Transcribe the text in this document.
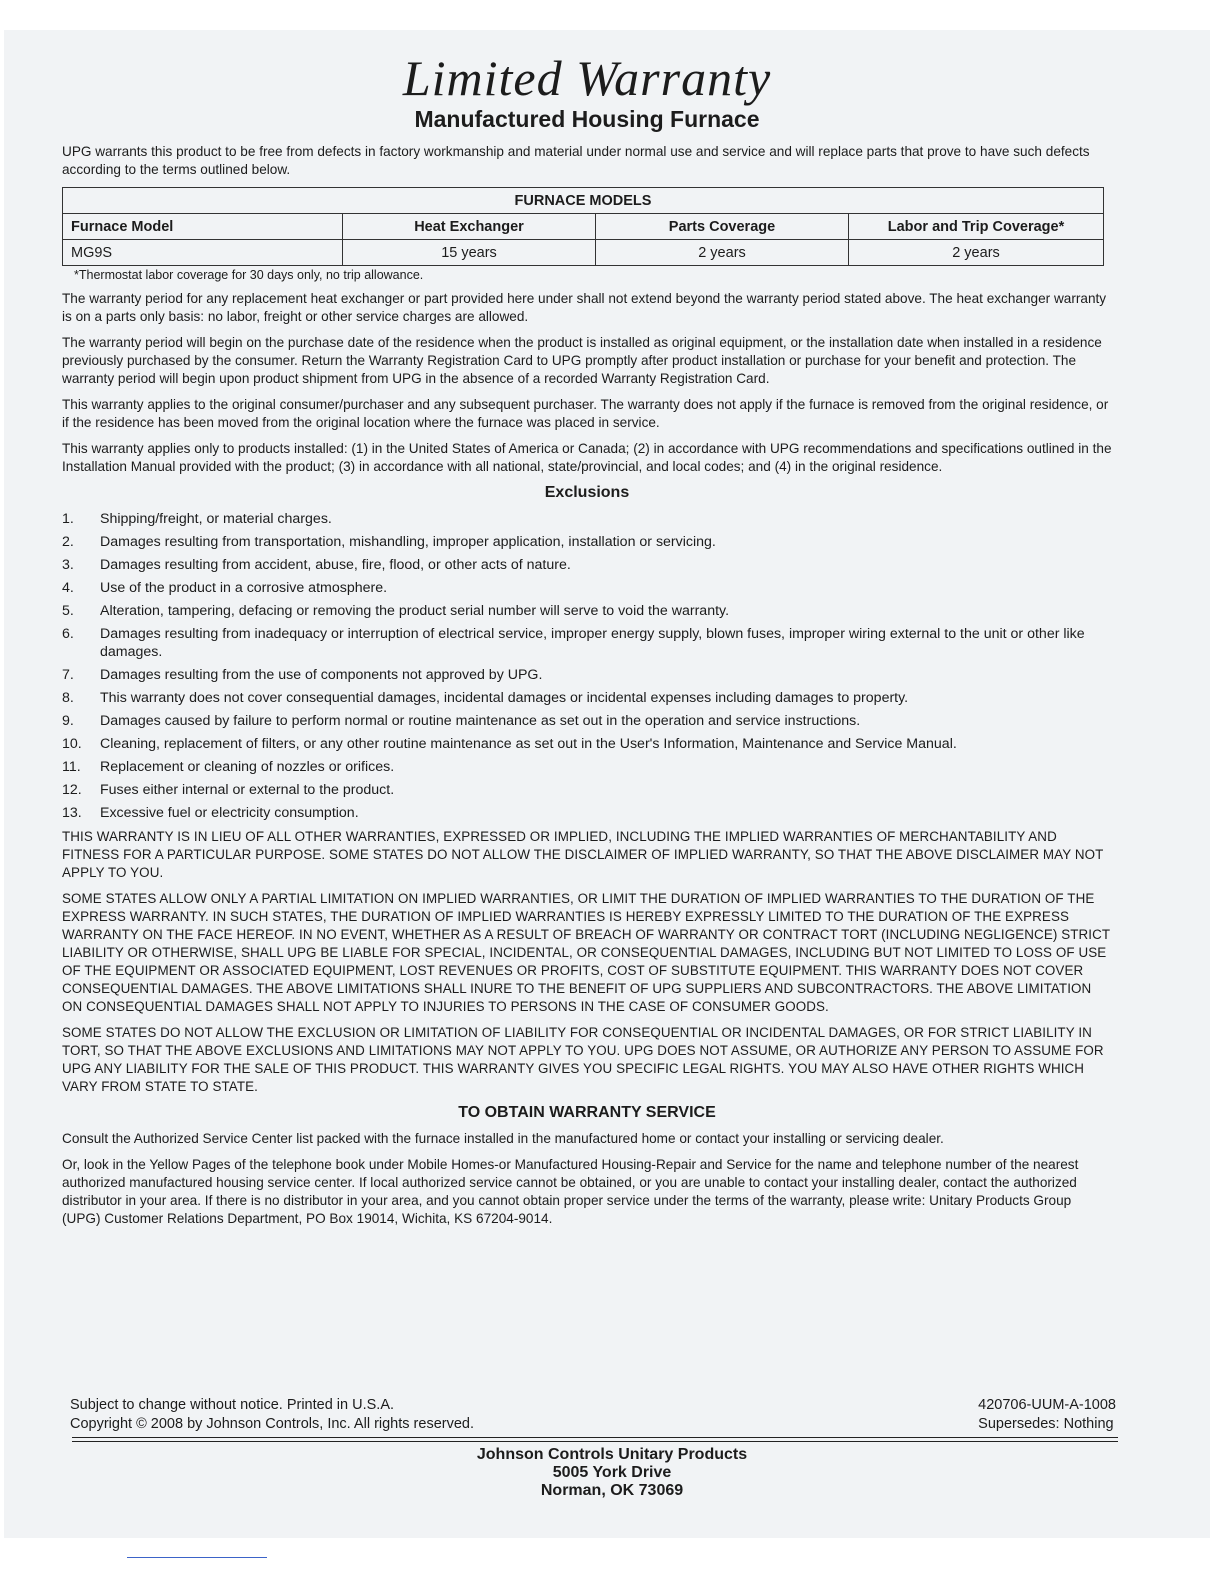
Limited Warranty
Manufactured Housing Furnace

UPG warrants this product to be free from defects in factory workmanship and material under normal use and service and will replace parts that prove to have such defects according to the terms outlined below.

FURNACE MODELS			
Furnace Model	Heat Exchanger	Parts Coverage	Labor and Trip Coverage*
MG9S	15 years	2 years	2 years
*Thermostat labor coverage for 30 days only, no trip allowance.

The warranty period for any replacement heat exchanger or part provided here under shall not extend beyond the warranty period stated above. The heat exchanger warranty is on a parts only basis: no labor, freight or other service charges are allowed.

The warranty period will begin on the purchase date of the residence when the product is installed as original equipment, or the installation date when installed in a residence previously purchased by the consumer. Return the Warranty Registration Card to UPG promptly after product installation or purchase for your benefit and protection. The warranty period will begin upon product shipment from UPG in the absence of a recorded Warranty Registration Card.

This warranty applies to the original consumer/purchaser and any subsequent purchaser. The warranty does not apply if the furnace is removed from the original residence, or if the residence has been moved from the original location where the furnace was placed in service.

This warranty applies only to products installed: (1) in the United States of America or Canada; (2) in accordance with UPG recommendations and specifications outlined in the Installation Manual provided with the product; (3) in accordance with all national, state/provincial, and local codes; and (4) in the original residence.

Exclusions
1.	Shipping/freight, or material charges.
2.	Damages resulting from transportation, mishandling, improper application, installation or servicing.
3.	Damages resulting from accident, abuse, fire, flood, or other acts of nature.
4.	Use of the product in a corrosive atmosphere.
5.	Alteration, tampering, defacing or removing the product serial number will serve to void the warranty.
6.	Damages resulting from inadequacy or interruption of electrical service, improper energy supply, blown fuses, improper wiring external to the unit or other like damages.
7.	Damages resulting from the use of components not approved by UPG.
8.	This warranty does not cover consequential damages, incidental damages or incidental expenses including damages to property.
9.	Damages caused by failure to perform normal or routine maintenance as set out in the operation and service instructions.
10.	Cleaning, replacement of filters, or any other routine maintenance as set out in the User's Information, Maintenance and Service Manual.
11.	Replacement or cleaning of nozzles or orifices.
12.	Fuses either internal or external to the product.
13.	Excessive fuel or electricity consumption.

THIS WARRANTY IS IN LIEU OF ALL OTHER WARRANTIES, EXPRESSED OR IMPLIED, INCLUDING THE IMPLIED WARRANTIES OF MERCHANTABILITY AND FITNESS FOR A PARTICULAR PURPOSE. SOME STATES DO NOT ALLOW THE DISCLAIMER OF IMPLIED WARRANTY, SO THAT THE ABOVE DISCLAIMER MAY NOT APPLY TO YOU.

SOME STATES ALLOW ONLY A PARTIAL LIMITATION ON IMPLIED WARRANTIES, OR LIMIT THE DURATION OF IMPLIED WARRANTIES TO THE DURATION OF THE EXPRESS WARRANTY. IN SUCH STATES, THE DURATION OF IMPLIED WARRANTIES IS HEREBY EXPRESSLY LIMITED TO THE DURATION OF THE EXPRESS WARRANTY ON THE FACE HEREOF. IN NO EVENT, WHETHER AS A RESULT OF BREACH OF WARRANTY OR CONTRACT TORT (INCLUDING NEGLIGENCE) STRICT LIABILITY OR OTHERWISE, SHALL UPG BE LIABLE FOR SPECIAL, INCIDENTAL, OR CONSEQUENTIAL DAMAGES, INCLUDING BUT NOT LIMITED TO LOSS OF USE OF THE EQUIPMENT OR ASSOCIATED EQUIPMENT, LOST REVENUES OR PROFITS, COST OF SUBSTITUTE EQUIPMENT. THIS WARRANTY DOES NOT COVER CONSEQUENTIAL DAMAGES. THE ABOVE LIMITATIONS SHALL INURE TO THE BENEFIT OF UPG SUPPLIERS AND SUBCONTRACTORS. THE ABOVE LIMITATION ON CONSEQUENTIAL DAMAGES SHALL NOT APPLY TO INJURIES TO PERSONS IN THE CASE OF CONSUMER GOODS.

SOME STATES DO NOT ALLOW THE EXCLUSION OR LIMITATION OF LIABILITY FOR CONSEQUENTIAL OR INCIDENTAL DAMAGES, OR FOR STRICT LIABILITY IN TORT, SO THAT THE ABOVE EXCLUSIONS AND LIMITATIONS MAY NOT APPLY TO YOU. UPG DOES NOT ASSUME, OR AUTHORIZE ANY PERSON TO ASSUME FOR UPG ANY LIABILITY FOR THE SALE OF THIS PRODUCT. THIS WARRANTY GIVES YOU SPECIFIC LEGAL RIGHTS. YOU MAY ALSO HAVE OTHER RIGHTS WHICH VARY FROM STATE TO STATE.

TO OBTAIN WARRANTY SERVICE

Consult the Authorized Service Center list packed with the furnace installed in the manufactured home or contact your installing or servicing dealer.

Or, look in the Yellow Pages of the telephone book under Mobile Homes-or Manufactured Housing-Repair and Service for the name and telephone number of the nearest authorized manufactured housing service center. If local authorized service cannot be obtained, or you are unable to contact your installing dealer, contact the authorized distributor in your area. If there is no distributor in your area, and you cannot obtain proper service under the terms of the warranty, please write: Unitary Products Group (UPG) Customer Relations Department, PO Box 19014, Wichita, KS 67204-9014.

Subject to change without notice. Printed in U.S.A.
Copyright © 2008 by Johnson Controls, Inc. All rights reserved.
420706-UUM-A-1008
Supersedes: Nothing
Johnson Controls Unitary Products
5005 York Drive
Norman, OK 73069
